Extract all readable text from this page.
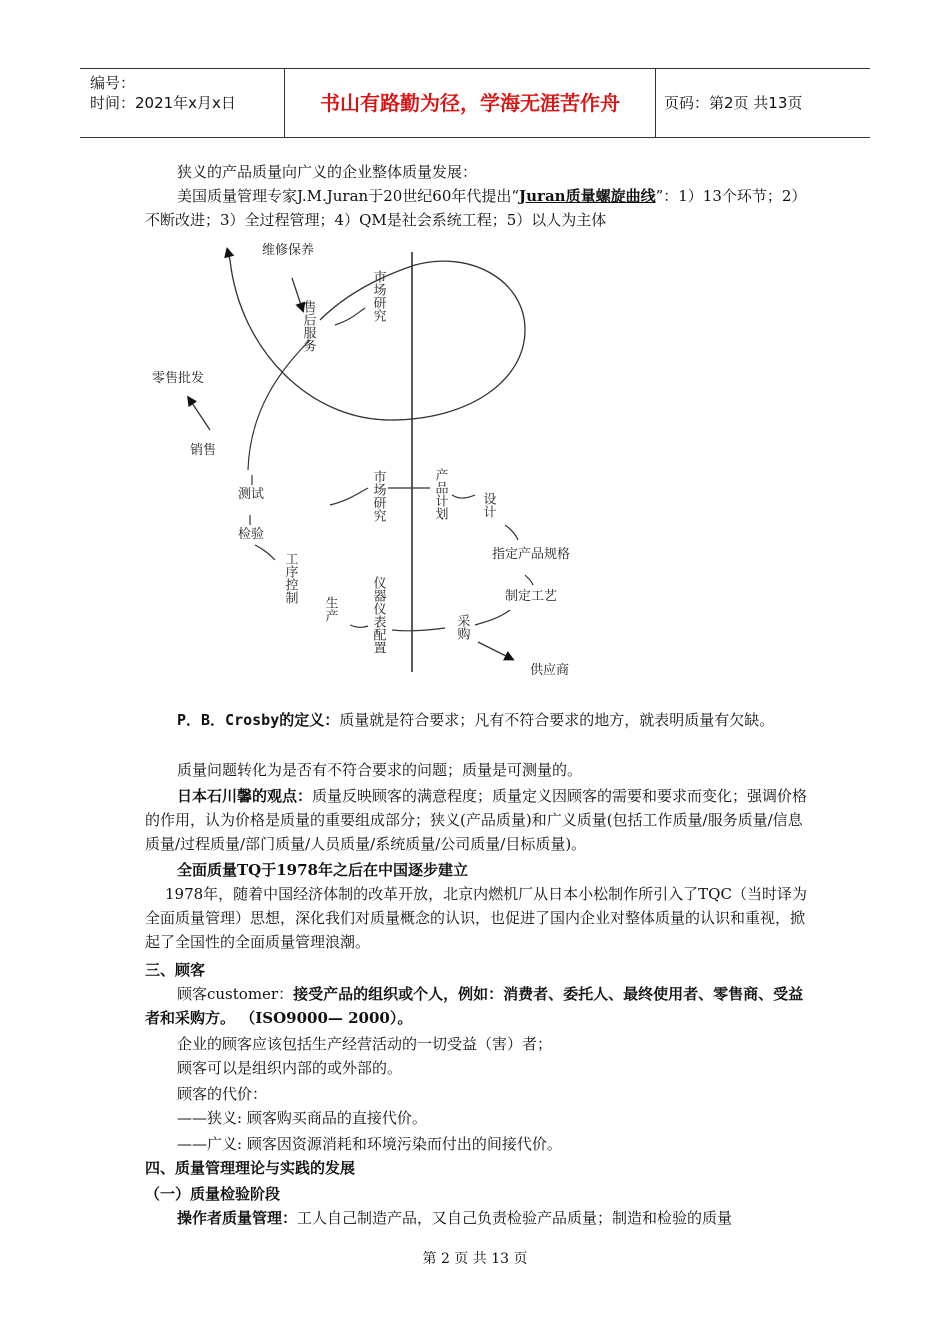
编号：
时间：2021年x月x日	书山有路勤为径，学海无涯苦作舟	页码：第2页 共13页

狭义的产品质量向广义的企业整体质量发展：

美国质量管理专家J.M.Juran于20世纪60年代提出“Juran质量螺旋曲线”：1）13个环节；2）不断改进；3）全过程管理；4）QM是社会系统工程；5）以人为主体

维修保养
售后服务
市场研究
零售批发
销售
测试
检验
工序控制
生产
市场研究	产品计划	设计
指定产品规格
制定工艺
仪器仪表配置	采购
供应商

P．B．Crosby的定义：质量就是符合要求；凡有不符合要求的地方，就表明质量有欠缺。

质量问题转化为是否有不符合要求的问题；质量是可测量的。

日本石川馨的观点：质量反映顾客的满意程度；质量定义因顾客的需要和要求而变化；强调价格的作用，认为价格是质量的重要组成部分；狭义(产品质量)和广义质量(包括工作质量/服务质量/信息质量/过程质量/部门质量/人员质量/系统质量/公司质量/目标质量)。

全面质量TQ于1978年之后在中国逐步建立

1978年，随着中国经济体制的改革开放，北京内燃机厂从日本小松制作所引入了TQC（当时译为全面质量管理）思想，深化我们对质量概念的认识，也促进了国内企业对整体质量的认识和重视，掀起了全国性的全面质量管理浪潮。

三、顾客

顾客customer：接受产品的组织或个人，例如：消费者、委托人、最终使用者、零售商、受益者和采购方。 （ISO9000— 2000）。

企业的顾客应该包括生产经营活动的一切受益（害）者；

顾客可以是组织内部的或外部的。

顾客的代价：

——狭义: 顾客购买商品的直接代价。

——广义: 顾客因资源消耗和环境污染而付出的间接代价。

四、质量管理理论与实践的发展

（一）质量检验阶段

操作者质量管理：工人自己制造产品，又自己负责检验产品质量；制造和检验的质量

第 2 页 共 13 页
